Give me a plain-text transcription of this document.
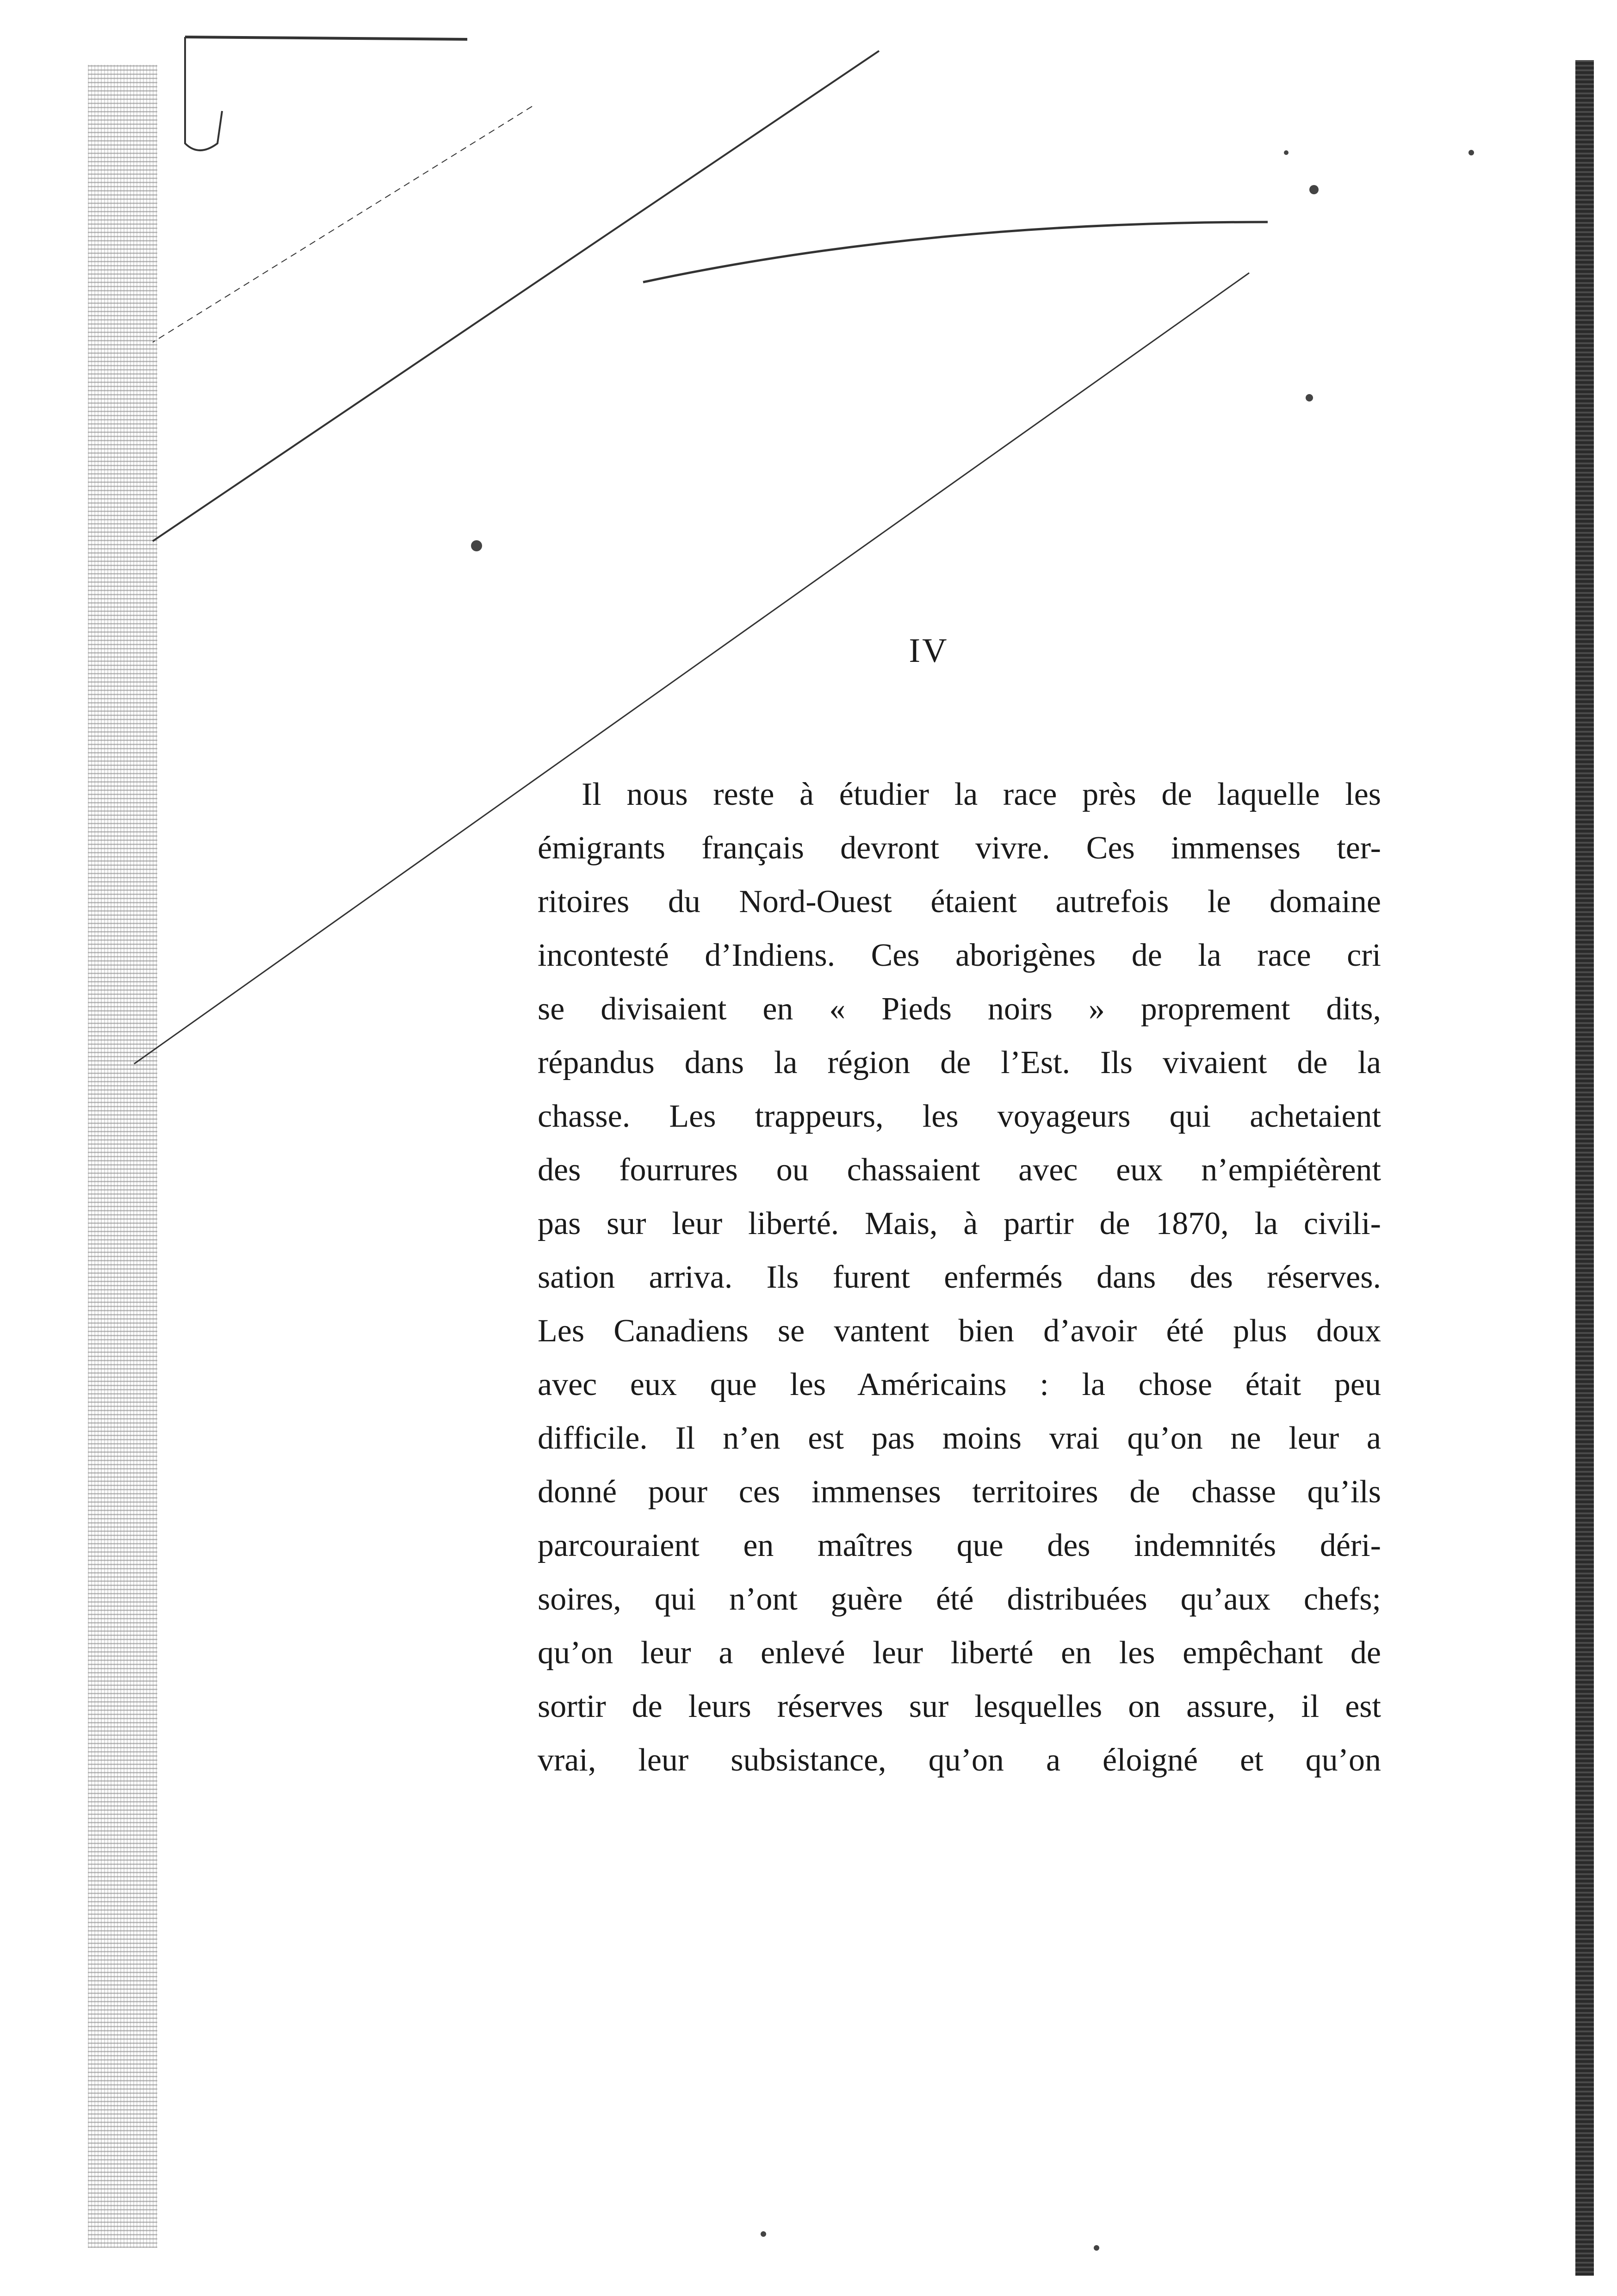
IV
Il nous reste à étudier la race près de laquelle les
émigrants français devront vivre. Ces immenses ter-
ritoires du Nord-Ouest étaient autrefois le domaine
incontesté d’Indiens. Ces aborigènes de la race cri
se divisaient en « Pieds noirs » proprement dits,
répandus dans la région de l’Est. Ils vivaient de la
chasse. Les trappeurs, les voyageurs qui achetaient
des fourrures ou chassaient avec eux n’empiétèrent
pas sur leur liberté. Mais, à partir de 1870, la civili-
sation arriva. Ils furent enfermés dans des réserves.
Les Canadiens se vantent bien d’avoir été plus doux
avec eux que les Américains : la chose était peu
difficile. Il n’en est pas moins vrai qu’on ne leur a
donné pour ces immenses territoires de chasse qu’ils
parcouraient en maîtres que des indemnités déri-
soires, qui n’ont guère été distribuées qu’aux chefs;
qu’on leur a enlevé leur liberté en les empêchant de
sortir de leurs réserves sur lesquelles on assure, il est
vrai, leur subsistance, qu’on a éloigné et qu’on
